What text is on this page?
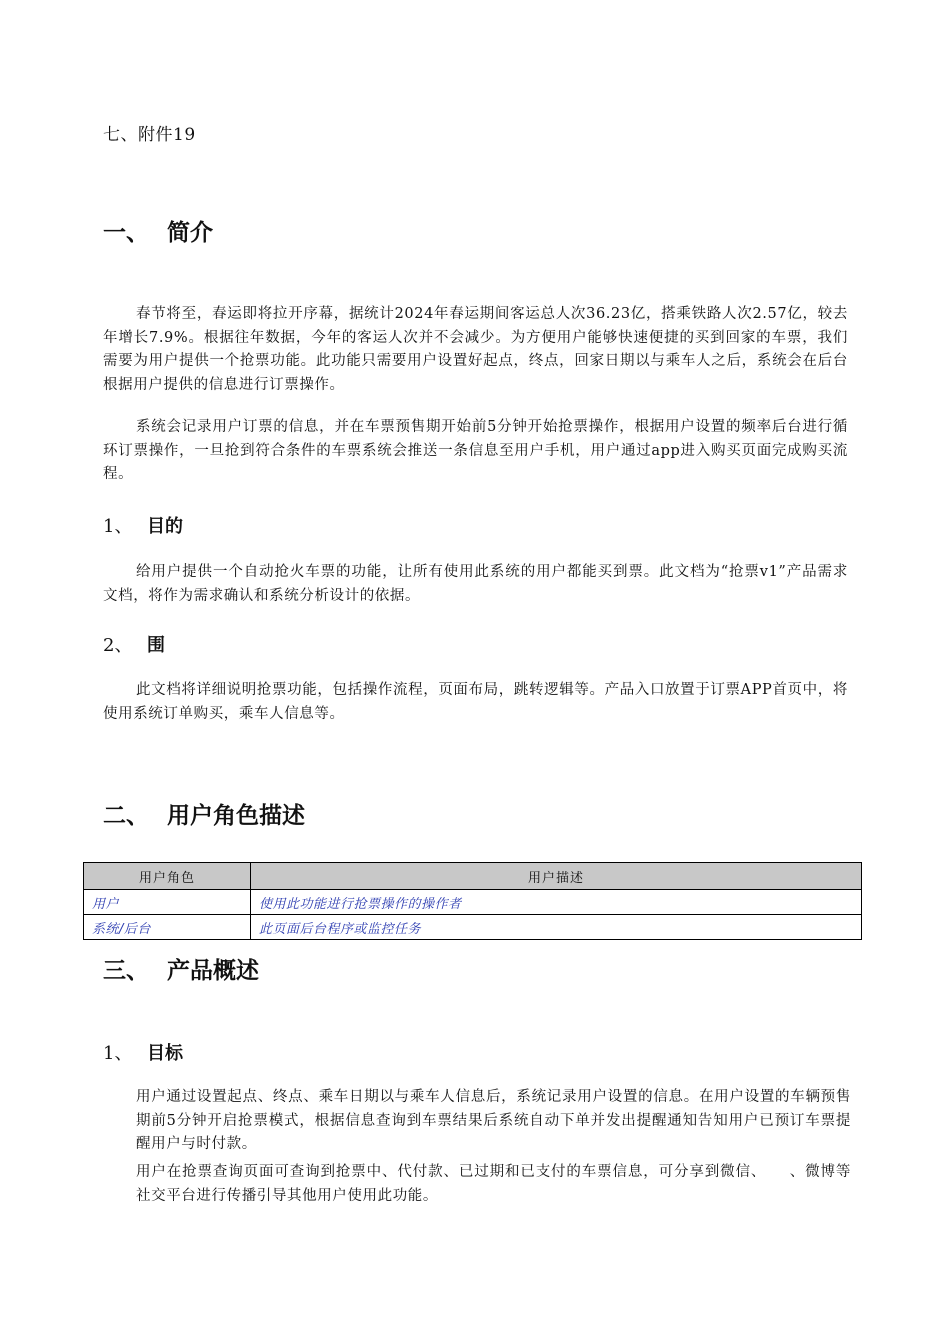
七、附件19
一、 简介
春节将至，春运即将拉开序幕，据统计2024年春运期间客运总人次36.23亿，搭乘铁路人次2.57亿，较去年增长7.9%。根据往年数据，今年的客运人次并不会减少。为方便用户能够快速便捷的买到回家的车票，我们需要为用户提供一个抢票功能。此功能只需要用户设置好起点，终点，回家日期以与乘车人之后，系统会在后台根据用户提供的信息进行订票操作。
系统会记录用户订票的信息，并在车票预售期开始前5分钟开始抢票操作，根据用户设置的频率后台进行循环订票操作，一旦抢到符合条件的车票系统会推送一条信息至用户手机，用户通过app进入购买页面完成购买流程。
1、 目的
给用户提供一个自动抢火车票的功能，让所有使用此系统的用户都能买到票。此文档为“抢票v1”产品需求文档，将作为需求确认和系统分析设计的依据。
2、 围
此文档将详细说明抢票功能，包括操作流程，页面布局，跳转逻辑等。产品入口放置于订票APP首页中，将使用系统订单购买，乘车人信息等。
二、 用户角色描述
用户角色	用户描述
用户	使用此功能进行抢票操作的操作者
系统/后台	此页面后台程序或监控任务
三、 产品概述
1、 目标
用户通过设置起点、终点、乘车日期以与乘车人信息后，系统记录用户设置的信息。在用户设置的车辆预售期前5分钟开启抢票模式，根据信息查询到车票结果后系统自动下单并发出提醒通知告知用户已预订车票提醒用户与时付款。
用户在抢票查询页面可查询到抢票中、代付款、已过期和已支付的车票信息，可分享到微信、　　、微博等社交平台进行传播引导其他用户使用此功能。
